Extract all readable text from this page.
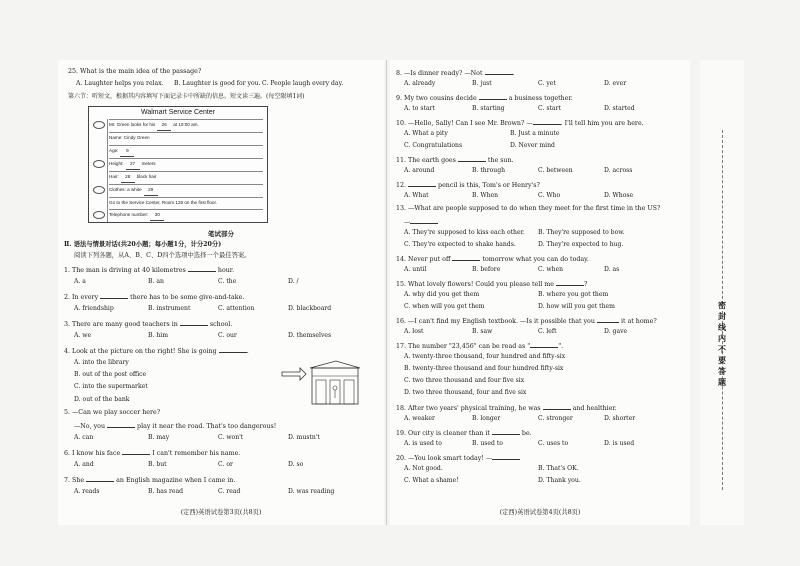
25. What is the main idea of the passage?
A. Laughter helps you relax. B. Laughter is good for you. C. People laugh every day.
第六节：听短文，根据其内容填写下面记录卡中所缺的信息。短文读三遍。(每空限填1词)
Walmart Service Center
Mr. Green looks for his 26 at 10:00 am.
Name: Cindy Green
Age: 9
Height: 27 meters
Hair: 28 black hair
Clothes: a white 29
Go to the Service Center, Room 126 on the first floor.
Telephone number: 30
笔试部分
Ⅱ. 语法与情景对话(共20小题；每小题1分，计分20分)
阅读下列各题，从A、B、C、D四个选项中选择一个最佳答案。
1. The man is driving at 40 kilometres	hour.
A. a	B. an	C. the	D. /
2. In every	there has to be some give-and-take.
A. friendship	B. instrument	C. attention	D. blackboard
3. There are many good teachers in	school.
A. we	B. him	C. our	D. themselves
4. Look at the picture on the right! She is going	.
A. into the library
B. out of the post office
C. into the supermarket
D. out of the bank
5. —Can we play soccer here?
—No, you	play it near the road. That's too dangerous!
A. can	B. may	C. won't	D. mustn't
6. I know his face	I can't remember his name.
A. and	B. but	C. or	D. so
7. She	an English magazine when I came in.
A. reads	B. has read	C. read	D. was reading
(定西)英语试卷第3页(共8页)
8. —Is dinner ready? —Not	.
A. already	B. just	C. yet	D. ever
9. My two cousins decide	a business together.
A. to start	B. starting	C. start	D. started
10. —Hello, Sally! Can I see Mr. Brown? —	. I'll tell him you are here.
A. What a pity	B. Just a minute
C. Congratulations	D. Never mind
11. The earth goes	the sun.
A. around	B. through	C. between	D. across
12.	pencil is this, Tom's or Henry's?
A. What	B. When	C. Who	D. Whose
13. —What are people supposed to do when they meet for the first time in the US?
—
A. They're supposed to kiss each other. B. They're supposed to bow.
C. They're expected to shake hands.	D. They're expected to hug.
14. Never put off	tomorrow what you can do today.
A. until	B. before	C. when	D. as
15. What lovely flowers! Could you please tell me	?
A. why did you get them	B. where you got them
C. when will you get them	D. how will you get them
16. —I can't find my English textbook. —Is it possible that you	it at home?
A. lost	B. saw	C. left	D. gave
17. The number "23,456" can be read as "	".
A. twenty-three thousand, four hundred and fifty-six
B. twenty-three thousand and four hundred fifty-six
C. two three thousand and four five six
D. two three thousand, four and five six
18. After two years' physical training, he was	and healthier.
A. weaker	B. longer	C. stronger	D. shorter
19. Our city is cleaner than it	be.
A. is used to	B. used to	C. uses to	D. is used
20. —You look smart today! —
A. Not good.	B. That's OK.
C. What a shame!	D. Thank you.
(定西)英语试卷第4页(共8页)
密封线内不要答题
